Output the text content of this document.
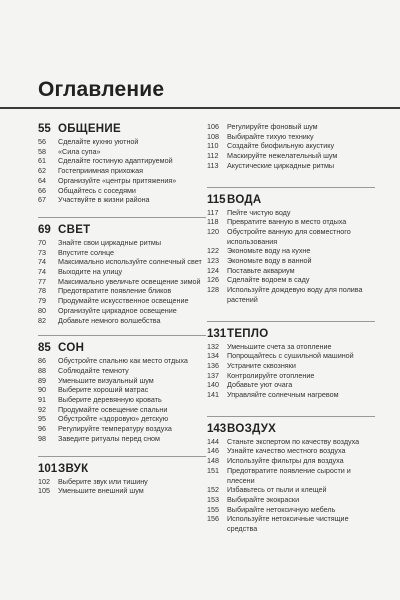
Оглавление
55 ОБЩЕНИЕ
56	Сделайте кухню уютной
58	«Сила супа»
61	Сделайте гостиную адаптируемой
62	Гостеприимная прихожая
64	Организуйте «центры притяжения»
66	Общайтесь с соседями
67	Участвуйте в жизни района
69 СВЕТ
70	Знайте свои циркадные ритмы
73	Впустите солнце
74	Максимально используйте солнечный свет
74	Выходите на улицу
77	Максимально увеличьте освещение зимой
78	Предотвратите появление бликов
79	Продумайте искусственное освещение
80	Организуйте циркадное освещение
82	Добавьте немного волшебства
85 СОН
86	Обустройте спальню как место отдыха
88	Соблюдайте темноту
89	Уменьшите визуальный шум
90	Выберите хороший матрас
91	Выберите деревянную кровать
92	Продумайте освещение спальни
95	Обустройте «здоровую» детскую
96	Регулируйте температуру воздуха
98	Заведите ритуалы перед сном
101 ЗВУК
102	Выберите звук или тишину
105	Уменьшите внешний шум
106	Регулируйте фоновый шум
108	Выбирайте тихую технику
110	Создайте биофильную акустику
112	Маскируйте нежелательный шум
113	Акустические циркадные ритмы
115 ВОДА
117	Пейте чистую воду
118	Превратите ванную в место отдыха
120	Обустройте ванную для совместного использования
122	Экономьте воду на кухне
123	Экономьте воду в ванной
124	Поставьте аквариум
126	Сделайте водоем в саду
128	Используйте дождевую воду для полива растений
131 ТЕПЛО
132	Уменьшите счета за отопление
134	Попрощайтесь с сушильной машиной
136	Устраните сквозняки
137	Контролируйте отопление
140	Добавьте уют очага
141	Управляйте солнечным нагревом
143 ВОЗДУХ
144	Станьте экспертом по качеству воздуха
146	Узнайте качество местного воздуха
148	Используйте фильтры для воздуха
151	Предотвратите появление сырости и плесени
152	Избавьтесь от пыли и клещей
153	Выбирайте экокраски
155	Выбирайте нетоксичную мебель
156	Используйте нетоксичные чистящие средства
